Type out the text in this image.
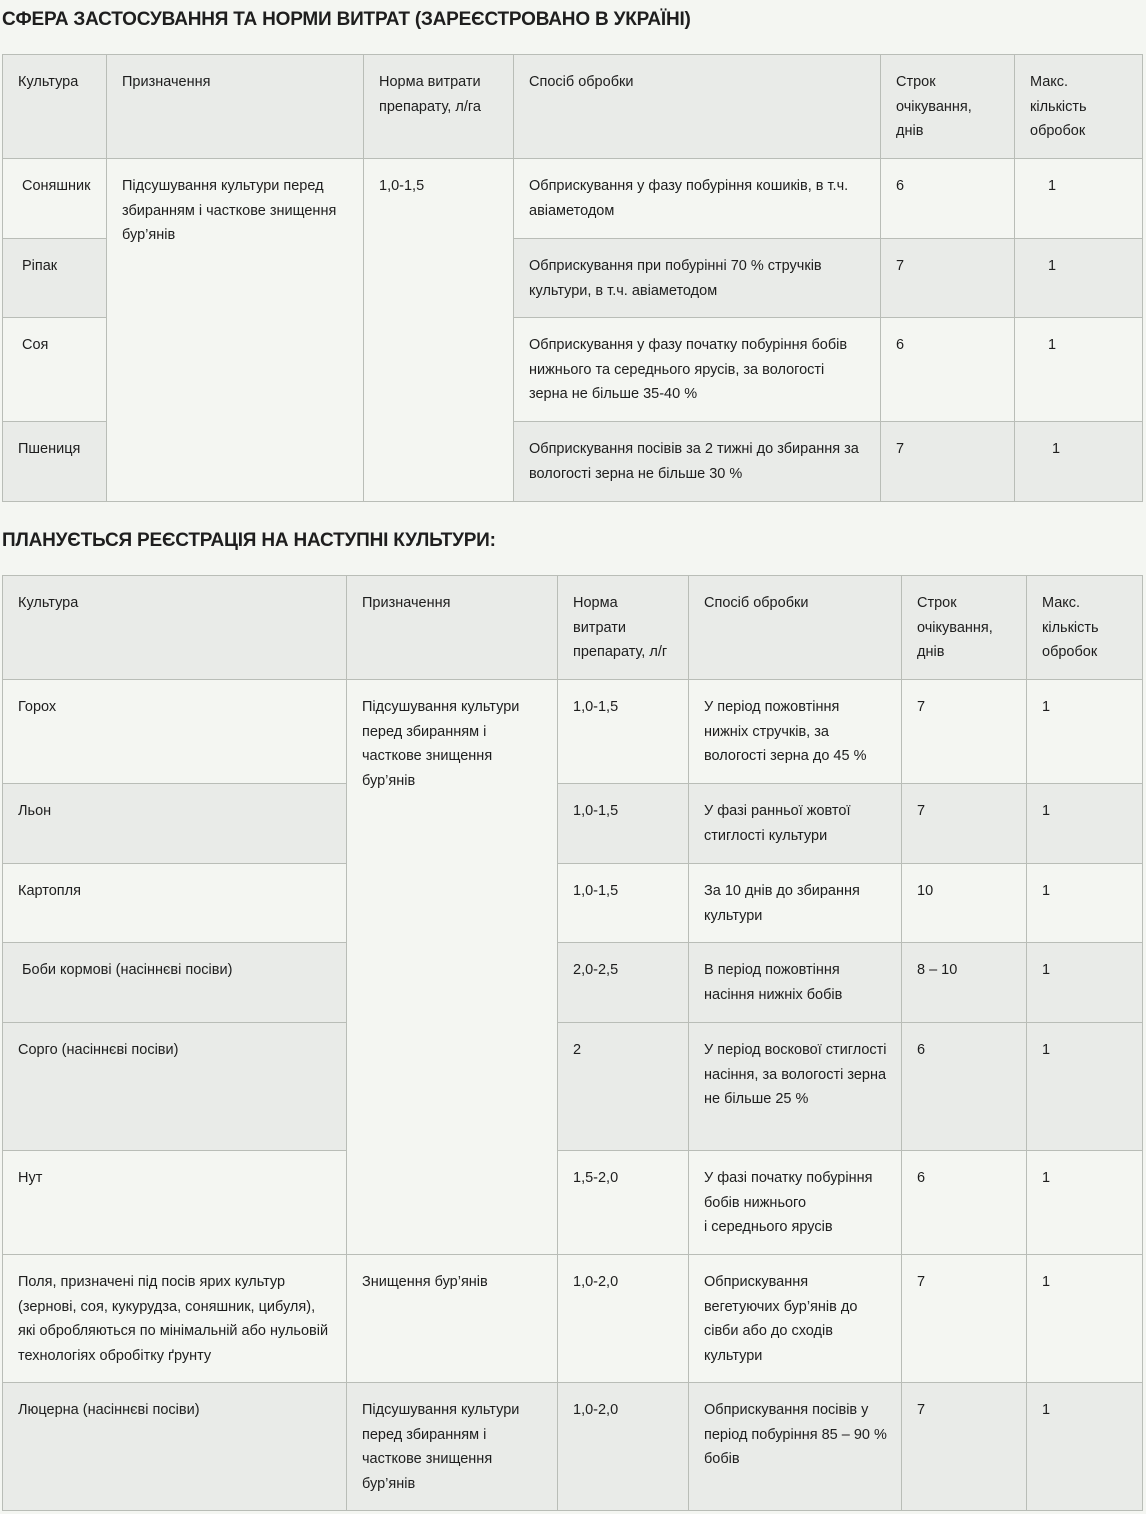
СФЕРА ЗАСТОСУВАННЯ ТА НОРМИ ВИТРАТ (ЗАРЕЄСТРОВАНО В УКРАЇНІ)
Культура	Призначення	Норма витрати препарату, л/га	Спосіб обробки	Строк очікування, днів	Макс. кількість обробок
Соняшник	Підсушування культури перед збиранням і часткове знищення бур’янів	1,0-1,5	Обприскування у фазу побуріння кошиків, в т.ч. авіаметодом	6	1
Ріпак			Обприскування при побурінні 70 % стручків культури, в т.ч. авіаметодом	7	1
Соя			Обприскування у фазу початку побуріння бобів нижнього та середнього ярусів, за вологості зерна не більше 35-40 %	6	1
Пшениця			Обприскування посівів за 2 тижні до збирання за вологості зерна не більше 30 %	7	1
ПЛАНУЄТЬСЯ РЕЄСТРАЦІЯ НА НАСТУПНІ КУЛЬТУРИ:
Культура	Призначення	Норма витрати препарату, л/г	Спосіб обробки	Строк очікування, днів	Макс. кількість обробок
Горох	Підсушування культури перед збиранням і часткове знищення бур’янів	1,0-1,5	У період пожовтіння нижніх стручків, за вологості зерна до 45 %	7	1
Льон		1,0-1,5	У фазі ранньої жовтої стиглості культури	7	1
Картопля		1,0-1,5	За 10 днів до збирання культури	10	1
Боби кормові (насіннєві посіви)		2,0-2,5	В період пожовтіння насіння нижніх бобів	8 – 10	1
Сорго (насіннєві посіви)		2	У період воскової стиглості насіння, за вологості зерна не більше 25 %	6	1
Нут		1,5-2,0	У фазі початку побуріння бобів нижнього
і середнього ярусів	6	1
Поля, призначені під посів ярих культур (зернові, соя, кукурудза, соняшник, цибуля), які обробляються по мінімальній або нульовій технологіях обробітку ґрунту	Знищення бур’янів	1,0-2,0	Обприскування вегетуючих бур’янів до сівби або до сходів культури	7	1
Люцерна (насіннєві посіви)	Підсушування культури перед збиранням і часткове знищення бур’янів	1,0-2,0	Обприскування посівів у період побуріння 85 – 90 % бобів	7	1
